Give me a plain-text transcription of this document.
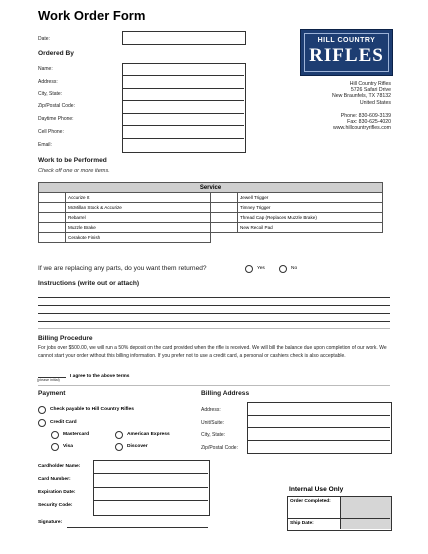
Work Order Form
Date:
Ordered By
Name:
Address:
City, State:
Zip/Postal Code:
Daytime Phone:
Cell Phone:
Email:
HILL COUNTRY
RIFLES
Hill Country Rifles
5726 Safari Drive
New Braunfels, TX 78132
United States
Phone: 830-609-3139
Fax: 830-625-4020
www.hillcountryrifles.com
Work to be Performed
Check off one or more items.
Service			
	Accurize It		Jewell Trigger
	McMillan Stock & Accurize		Timney Trigger
	Rebarrel		Thread Cap (Replaces Muzzle Brake)
	Muzzle Brake		New Recoil Pad
	Cerakote Finish		
If we are replacing any parts, do you want them returned?	Yes	No
Instructions (write out or attach)
Billing Procedure
For jobs over $500.00, we will run a 50% deposit on the card provided when the rifle is received. We will bill the balance due upon completion of our work. We cannot start your order without this billing information. If you prefer not to use a credit card, a personal or cashiers check is also acceptable.
I agree to the above terms
(please initial)
Payment
Check payable to Hill Country Rifles
Credit Card
Mastercard	American Express
Visa	Discover
Billing Address
Address:
Unit/Suite:
City, State:
Zip/Postal Code:
Cardholder Name:
Card Number:
Expiration Date:
Security Code:
Signature:
Internal Use Only
Order Completed:
Ship Date:
